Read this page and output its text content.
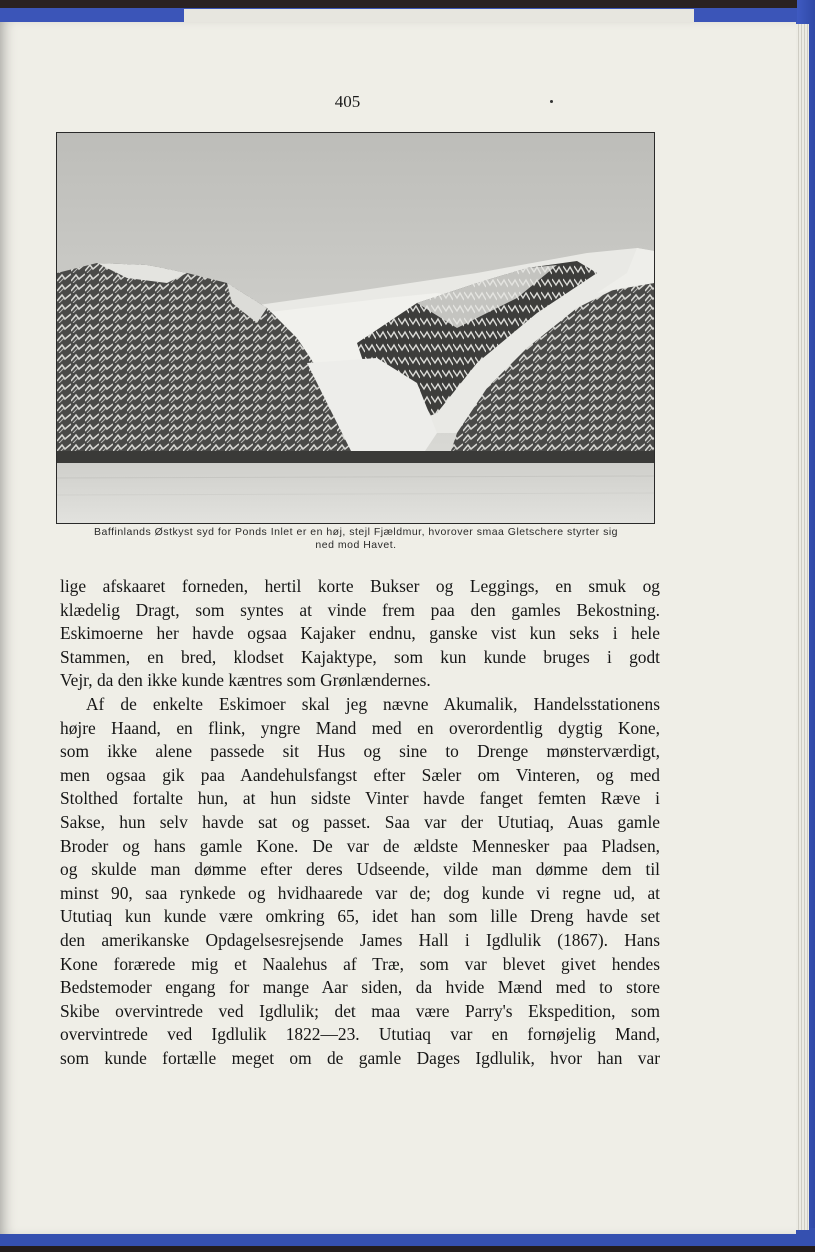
405
Baffinlands Østkyst syd for Ponds Inlet er en høj, stejl Fjældmur, hvorover smaa Gletschere styrter sig
ned mod Havet.
lige afskaaret forneden, hertil korte Bukser og Leggings, en smuk og
klædelig Dragt, som syntes at vinde frem paa den gamles Bekostning.
Eskimoerne her havde ogsaa Kajaker endnu, ganske vist kun seks i hele
Stammen, en bred, klodset Kajaktype, som kun kunde bruges i godt
Vejr, da den ikke kunde kæntres som Grønlændernes.
Af de enkelte Eskimoer skal jeg nævne Akumalik, Handelsstationens
højre Haand, en flink, yngre Mand med en overordentlig dygtig Kone,
som ikke alene passede sit Hus og sine to Drenge mønsterværdigt,
men ogsaa gik paa Aandehulsfangst efter Sæler om Vinteren, og med
Stolthed fortalte hun, at hun sidste Vinter havde fanget femten Ræve i
Sakse, hun selv havde sat og passet. Saa var der Ututiaq, Auas gamle
Broder og hans gamle Kone. De var de ældste Mennesker paa Pladsen,
og skulde man dømme efter deres Udseende, vilde man dømme dem til
minst 90, saa rynkede og hvidhaarede var de; dog kunde vi regne ud, at
Ututiaq kun kunde være omkring 65, idet han som lille Dreng havde set
den amerikanske Opdagelsesrejsende James Hall i Igdlulik (1867). Hans
Kone forærede mig et Naalehus af Træ, som var blevet givet hendes
Bedstemoder engang for mange Aar siden, da hvide Mænd med to store
Skibe overvintrede ved Igdlulik; det maa være Parry's Ekspedition, som
overvintrede ved Igdlulik 1822—23. Ututiaq var en fornøjelig Mand,
som kunde fortælle meget om de gamle Dages Igdlulik, hvor han var
